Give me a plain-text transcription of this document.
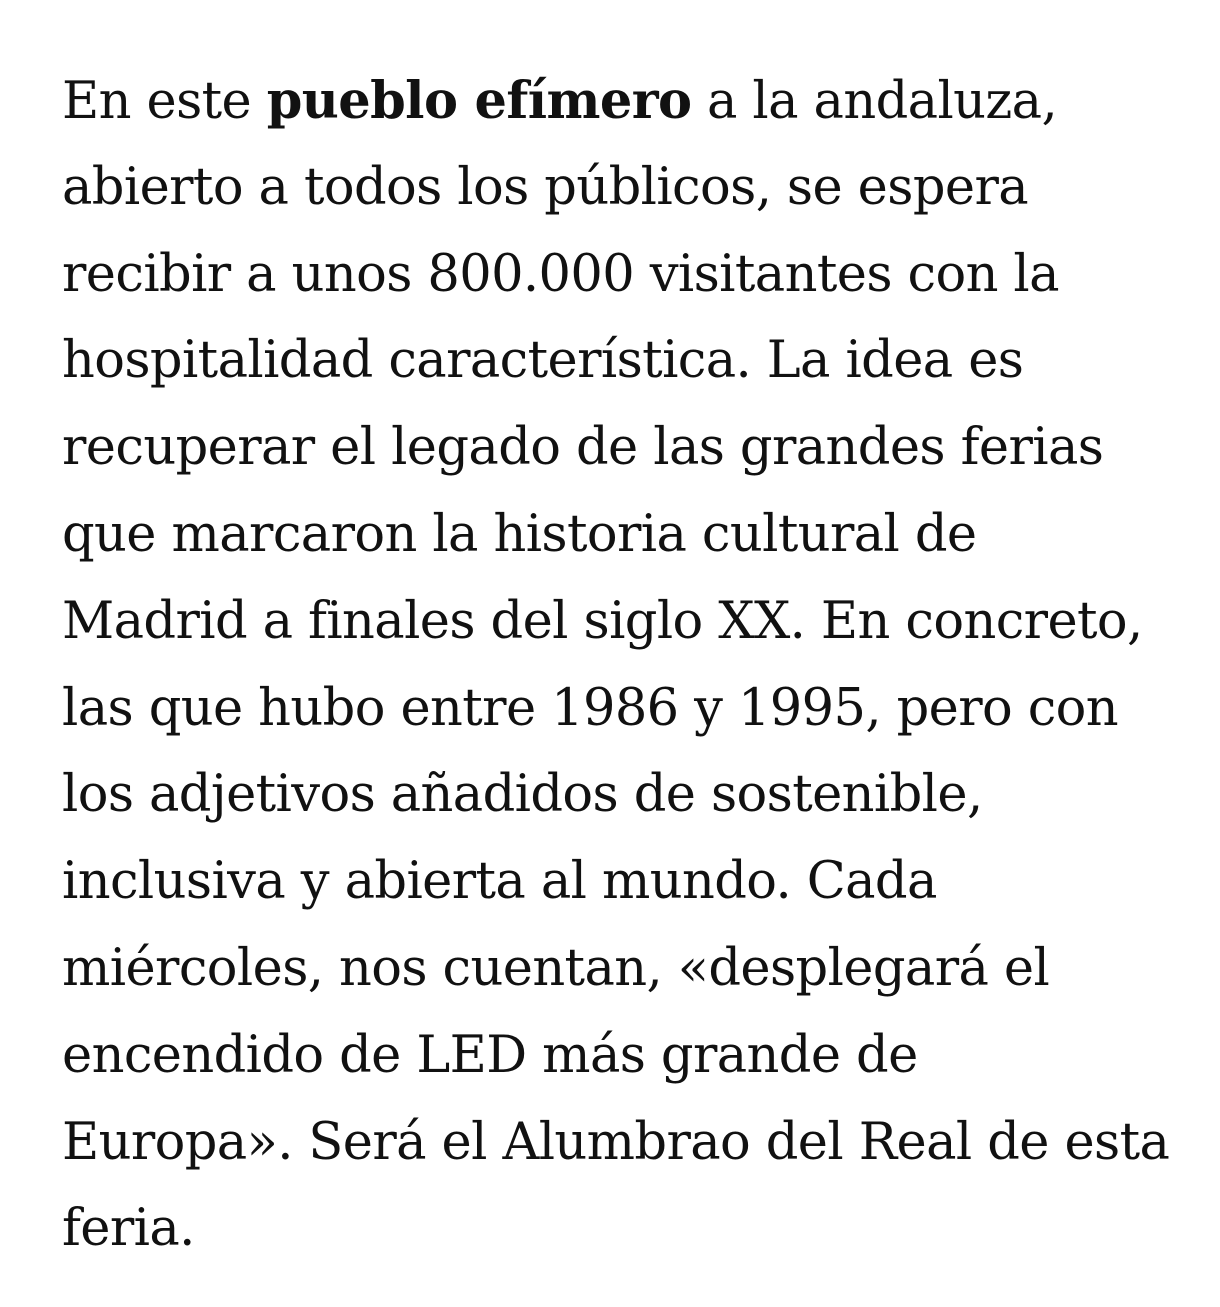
En este pueblo efímero a la andaluza,
abierto a todos los públicos, se espera
recibir a unos 800.000 visitantes con la
hospitalidad característica. La idea es
recuperar el legado de las grandes ferias
que marcaron la historia cultural de
Madrid a finales del siglo XX. En concreto,
las que hubo entre 1986 y 1995, pero con
los adjetivos añadidos de sostenible,
inclusiva y abierta al mundo. Cada
miércoles, nos cuentan, «desplegará el
encendido de LED más grande de
Europa». Será el Alumbrao del Real de esta
feria.
